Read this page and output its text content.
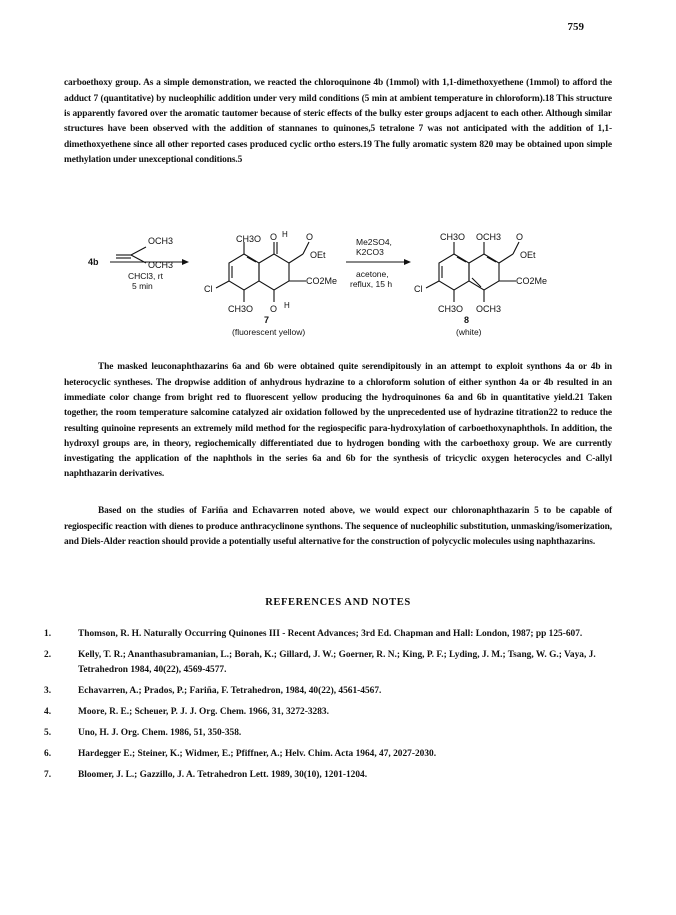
759

carboethoxy group. As a simple demonstration, we reacted the chloroquinone 4b (1mmol) with 1,1-dimethoxyethene (1mmol) to afford the adduct 7 (quantitative) by nucleophilic addition under very mild conditions (5 min at ambient temperature in chloroform).18 This structure is apparently favored over the aromatic tautomer because of steric effects of the bulky ester groups adjacent to each other. Although similar structures have been observed with the addition of stannanes to quinones,5 tetralone 7 was not anticipated with the addition of 1,1-dimethoxyethene since all other reported cases produced cyclic ortho esters.19 The fully aromatic system 820 may be obtained upon simple methylation under unexceptional conditions.5

OCH3
OCH3
4b
CHCl3, rt
5 min
CH3O O H O
OEt
CO2Me
Cl
CH3O O H
7
(fluorescent yellow)
Me2SO4,
K2CO3
acetone,
reflux, 15 h
CH3O OCH3 O
OEt
CO2Me
Cl
CH3O OCH3
8
(white)

The masked leuconaphthazarins 6a and 6b were obtained quite serendipitously in an attempt to exploit synthons 4a or 4b in heterocyclic syntheses. The dropwise addition of anhydrous hydrazine to a chloroform solution of either synthon 4a or 4b resulted in an immediate color change from bright red to fluorescent yellow producing the hydroquinones 6a and 6b in quantitative yield.21 Taken together, the room temperature salcomine catalyzed air oxidation followed by the unprecedented use of hydrazine titration22 to reduce the resulting quinoine represents an extremely mild method for the regiospecific para-hydroxylation of carboethoxynaphthols. In addition, the hydroxyl groups are, in theory, regiochemically differentiated due to hydrogen bonding with the carboethoxy group. We are currently investigating the application of the naphthols in the series 6a and 6b for the synthesis of tricyclic oxygen heterocycles and C-allyl naphthazarin derivatives.

Based on the studies of Fariña and Echavarren noted above, we would expect our chloronaphthazarin 5 to be capable of regiospecific reaction with dienes to produce anthracyclinone synthons. The sequence of nucleophilic substitution, unmasking/isomerization, and Diels-Alder reaction should provide a potentially useful alternative for the construction of polycyclic molecules using naphthazarins.

REFERENCES AND NOTES
1.	Thomson, R. H. Naturally Occurring Quinones III - Recent Advances; 3rd Ed. Chapman and Hall: London, 1987; pp 125-607.
2.	Kelly, T. R.; Ananthasubramanian, L.; Borah, K.; Gillard, J. W.; Goerner, R. N.; King, P. F.; Lyding, J. M.; Tsang, W. G.; Vaya, J. Tetrahedron 1984, 40(22), 4569-4577.
3.	Echavarren, A.; Prados, P.; Fariña, F. Tetrahedron, 1984, 40(22), 4561-4567.
4.	Moore, R. E.; Scheuer, P. J. J. Org. Chem. 1966, 31, 3272-3283.
5.	Uno, H. J. Org. Chem. 1986, 51, 350-358.
6.	Hardegger E.; Steiner, K.; Widmer, E.; Pfiffner, A.; Helv. Chim. Acta 1964, 47, 2027-2030.
7.	Bloomer, J. L.; Gazzillo, J. A. Tetrahedron Lett. 1989, 30(10), 1201-1204.
